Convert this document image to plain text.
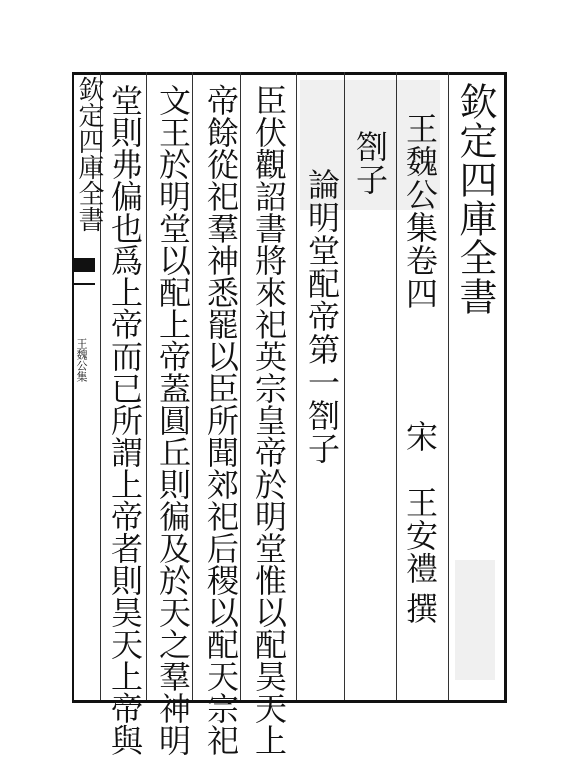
欽定四庫全書
王魏公集
欽定四庫全書
王魏公集卷四
宋
王安禮
撰
劄子
論明堂配帝第一劄子
臣伏觀詔書將來祀英宗皇帝於明堂惟以配昊天上
帝餘從祀羣神悉罷以臣所聞郊祀后稷以配天宗祀
文王於明堂以配上帝蓋圓丘則徧及於天之羣神明
堂則弗偏也爲上帝而已所謂上帝者則昊天上帝與
